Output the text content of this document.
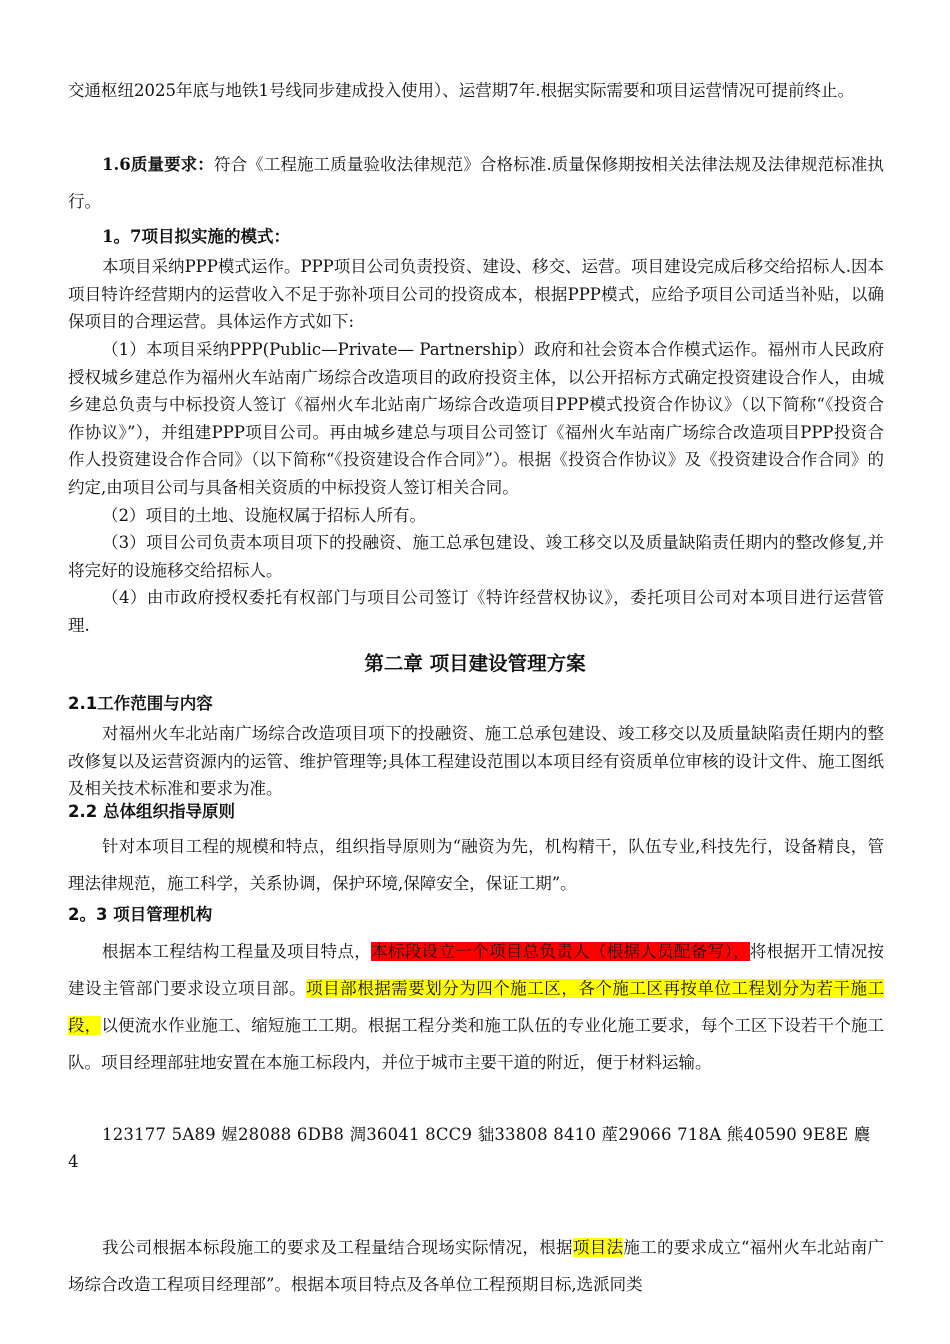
交通枢纽2025年底与地铁1号线同步建成投入使用）、运营期7年.根据实际需要和项目运营情况可提前终止。

1.6质量要求：符合《工程施工质量验收法律规范》合格标准.质量保修期按相关法律法规及法律规范标准执行。

1。7项目拟实施的模式：

本项目采纳PPP模式运作。PPP项目公司负责投资、建设、移交、运营。项目建设完成后移交给招标人.因本项目特许经营期内的运营收入不足于弥补项目公司的投资成本，根据PPP模式，应给予项目公司适当补贴，以确保项目的合理运营。具体运作方式如下:

（1）本项目采纳PPP(Public—Private— Partnership）政府和社会资本合作模式运作。福州市人民政府授权城乡建总作为福州火车站南广场综合改造项目的政府投资主体，以公开招标方式确定投资建设合作人，由城乡建总负责与中标投资人签订《福州火车北站南广场综合改造项目PPP模式投资合作协议》（以下简称“《投资合作协议》”），并组建PPP项目公司。再由城乡建总与项目公司签订《福州火车站南广场综合改造项目PPP投资合作人投资建设合作合同》（以下简称“《投资建设合作合同》”）。根据《投资合作协议》及《投资建设合作合同》的约定,由项目公司与具备相关资质的中标投资人签订相关合同。

（2）项目的土地、设施权属于招标人所有。

（3）项目公司负责本项目项下的投融资、施工总承包建设、竣工移交以及质量缺陷责任期内的整改修复,并将完好的设施移交给招标人。

（4）由市政府授权委托有权部门与项目公司签订《特许经营权协议》，委托项目公司对本项目进行运营管理.

第二章 项目建设管理方案

2.1工作范围与内容

对福州火车北站南广场综合改造项目项下的投融资、施工总承包建设、竣工移交以及质量缺陷责任期内的整改修复以及运营资源内的运管、维护管理等;具体工程建设范围以本项目经有资质单位审核的设计文件、施工图纸及相关技术标准和要求为准。

2.2 总体组织指导原则

针对本项目工程的规模和特点，组织指导原则为“融资为先，机构精干，队伍专业,科技先行，设备精良，管理法律规范，施工科学，关系协调，保护环境,保障安全，保证工期”。

2。3 项目管理机构

根据本工程结构工程量及项目特点，本标段设立一个项目总负责人（根据人员配备写），将根据开工情况按建设主管部门要求设立项目部。项目部根据需要划分为四个施工区，各个施工区再按单位工程划分为若干施工段，以便流水作业施工、缩短施工工期。根据工程分类和施工队伍的专业化施工要求，每个工区下设若干个施工队。项目经理部驻地安置在本施工标段内，并位于城市主要干道的附近，便于材料运输。

123177 5A89 媉28088 6DB8 淍36041 8CC9 貀33808 8410 蓙29066 718A 熊40590 9E8E 麎

4

我公司根据本标段施工的要求及工程量结合现场实际情况，根据项目法施工的要求成立“福州火车北站南广场综合改造工程项目经理部”。根据本项目特点及各单位工程预期目标,选派同类
